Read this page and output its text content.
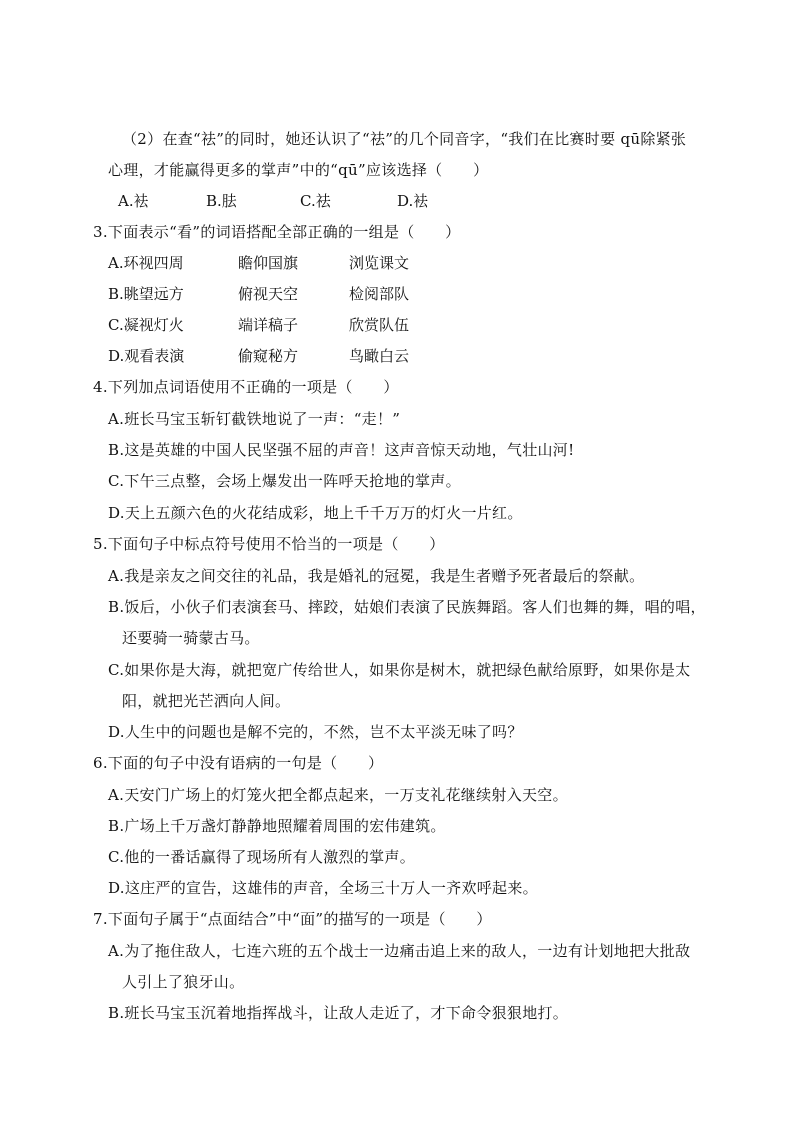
（2）在查“祛”的同时，她还认识了“祛”的几个同音字，“我们在比赛时要 qū除紧张
心理，才能赢得更多的掌声”中的“qū”应该选择（　　）
A.袪	B.胠	C.祛	D.袪
3.下面表示“看”的词语搭配全部正确的一组是（　　）
A.环视四周	瞻仰国旗	浏览课文
B.眺望远方	俯视天空	检阅部队
C.凝视灯火	端详稿子	欣赏队伍
D.观看表演	偷窥秘方	鸟瞰白云
4.下列加点词语使用不正确的一项是（　　）
A.班长马宝玉斩钉截铁地说了一声：“走！”
B.这是英雄的中国人民坚强不屈的声音！这声音惊天动地，气壮山河!
C.下午三点整，会场上爆发出一阵呼天抢地的掌声。
D.天上五颜六色的火花结成彩，地上千千万万的灯火一片红。
5.下面句子中标点符号使用不恰当的一项是（　　）
A.我是亲友之间交往的礼品，我是婚礼的冠冕，我是生者赠予死者最后的祭献。
B.饭后，小伙子们表演套马、摔跤，姑娘们表演了民族舞蹈。客人们也舞的舞，唱的唱，
还要骑一骑蒙古马。
C.如果你是大海，就把宽广传给世人，如果你是树木，就把绿色献给原野，如果你是太
阳，就把光芒洒向人间。
D.人生中的问题也是解不完的，不然，岂不太平淡无味了吗？
6.下面的句子中没有语病的一句是（　　）
A.天安门广场上的灯笼火把全都点起来，一万支礼花继续射入天空。
B.广场上千万盏灯静静地照耀着周围的宏伟建筑。
C.他的一番话赢得了现场所有人激烈的掌声。
D.这庄严的宣告，这雄伟的声音，全场三十万人一齐欢呼起来。
7.下面句子属于“点面结合”中“面”的描写的一项是（　　）
A.为了拖住敌人，七连六班的五个战士一边痛击追上来的敌人，一边有计划地把大批敌
人引上了狼牙山。
B.班长马宝玉沉着地指挥战斗，让敌人走近了，才下命令狠狠地打。
